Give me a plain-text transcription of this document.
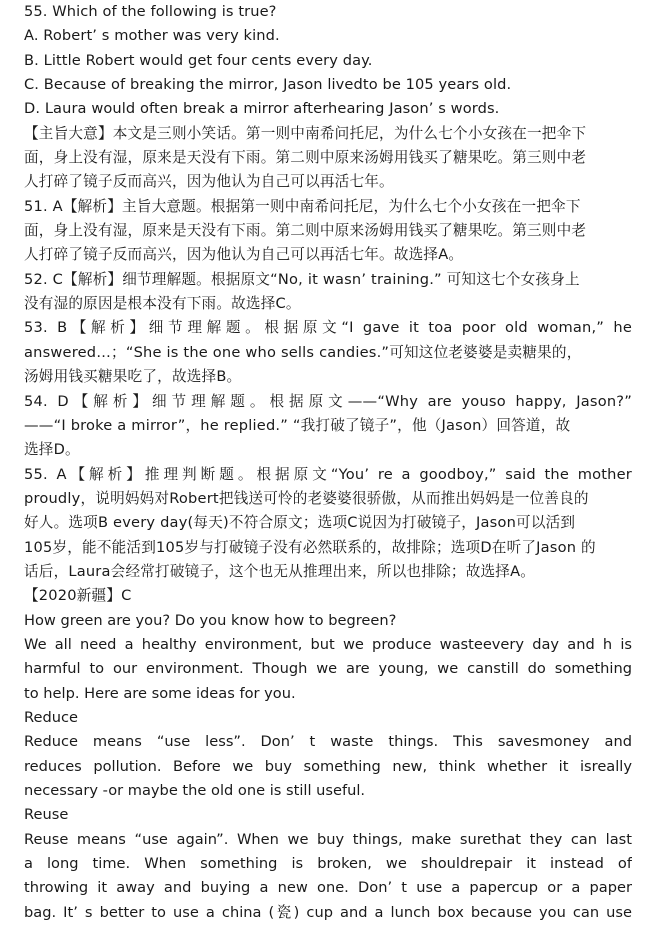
55. Which of the following is true?

A. Robert’ s mother was very kind.

B. Little Robert would get four cents every day.

C. Because of breaking the mirror, Jason livedto be 105 years old.

D. Laura would often break a mirror afterhearing Jason’ s words.

【主旨大意】本文是三则小笑话。第一则中南希问托尼，为什么七个小女孩在一把伞下

面，身上没有湿，原来是天没有下雨。第二则中原来汤姆用钱买了糖果吃。第三则中老

人打碎了镜子反而高兴，因为他认为自己可以再活七年。

51. A【解析】主旨大意题。根据第一则中南希问托尼，为什么七个小女孩在一把伞下

面，身上没有湿，原来是天没有下雨。第二则中原来汤姆用钱买了糖果吃。第三则中老

人打碎了镜子反而高兴，因为他认为自己可以再活七年。故选择A。

52. C【解析】细节理解题。根据原文“No, it wasn’ training.” 可知这七个女孩身上

没有湿的原因是根本没有下雨。故选择C。

53. B【解析】细节理解题。根据原文“I gave it toa poor old woman,” he

answered…；“She is the one who sells candies.”可知这位老婆婆是卖糖果的，

汤姆用钱买糖果吃了，故选择B。

54. D【解析】细节理解题。根据原文——“Why are youso happy, Jason?”

——“I broke a mirror”，he replied.” “我打破了镜子”，他（Jason）回答道，故

选择D。

55. A【解析】推理判断题。根据原文“You’ re a goodboy,” said the mother

proudly，说明妈妈对Robert把钱送可怜的老婆婆很骄傲，从而推出妈妈是一位善良的

好人。选项B every day(每天)不符合原文；选项C说因为打破镜子，Jason可以活到

105岁，能不能活到105岁与打破镜子没有必然联系的，故排除；选项D在听了Jason 的

话后，Laura会经常打破镜子，这个也无从推理出来，所以也排除；故选择A。

【2020新疆】C

How green are you? Do you know how to begreen?

We all need a healthy environment, but we produce wasteevery day and h is

harmful to our environment. Though we are young, we canstill do something

to help. Here are some ideas for you.

Reduce

Reduce means “use less”. Don’ t waste things. This savesmoney and

reduces pollution. Before we buy something new, think whether it isreally

necessary -or maybe the old one is still useful.

Reuse

Reuse means “use again”. When we buy things, make surethat they can last

a long time. When something is broken, we shouldrepair it instead of

throwing it away and buying a new one. Don’ t use a papercup or a paper

bag. It’ s better to use a china (瓷) cup and a lunch box because you can use
